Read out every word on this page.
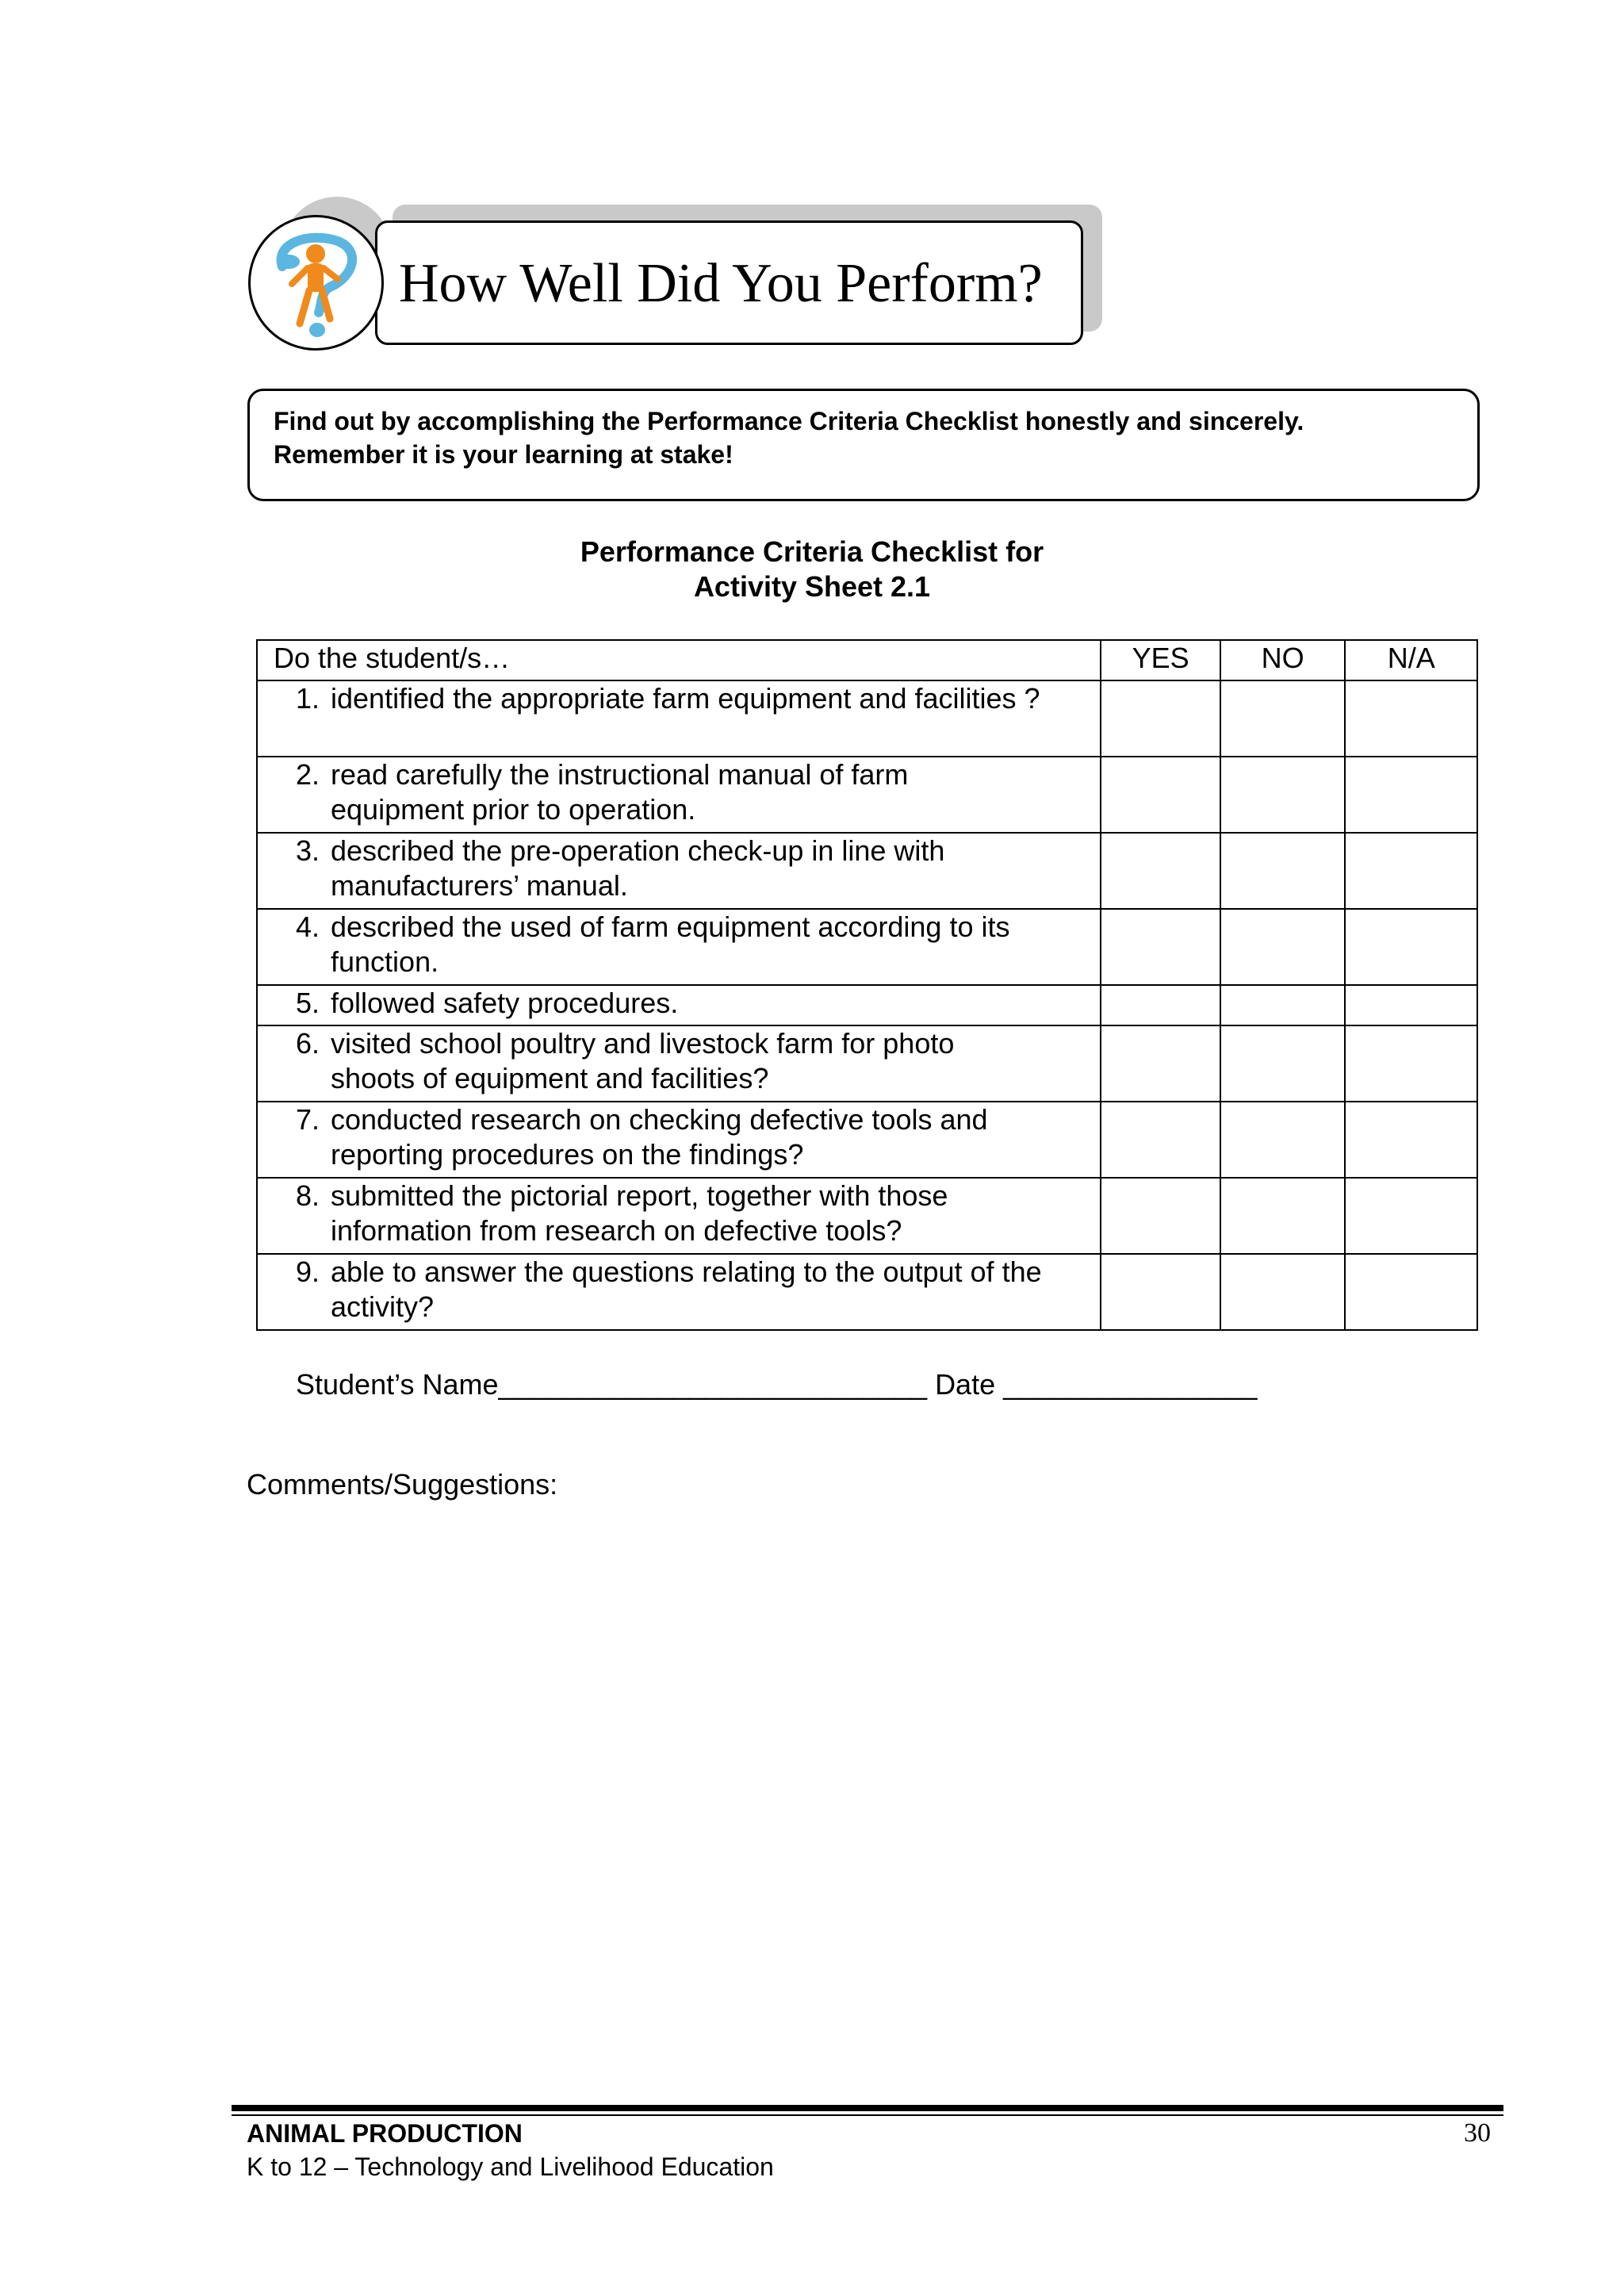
How Well Did You Perform?
Find out by accomplishing the Performance Criteria Checklist honestly and sincerely.
Remember it is your learning at stake!
Performance Criteria Checklist for
Activity Sheet 2.1
Do the student/s…	YES	NO	N/A
1. identified the appropriate farm equipment and facilities ?			
2. read carefully the instructional manual of farm equipment prior to operation.			
3. described the pre-operation check-up in line with manufacturers’ manual.			
4. described the used of farm equipment according to its function.			
5. followed safety procedures.			
6. visited school poultry and livestock farm for photo shoots of equipment and facilities?			
7. conducted research on checking defective tools and reporting procedures on the findings?			
8. submitted the pictorial report, together with those information from research on defective tools?			
9. able to answer the questions relating to the output of the activity?			
Student’s Name___________________________ Date ________________
Comments/Suggestions:
ANIMAL PRODUCTION
K to 12 – Technology and Livelihood Education
30
